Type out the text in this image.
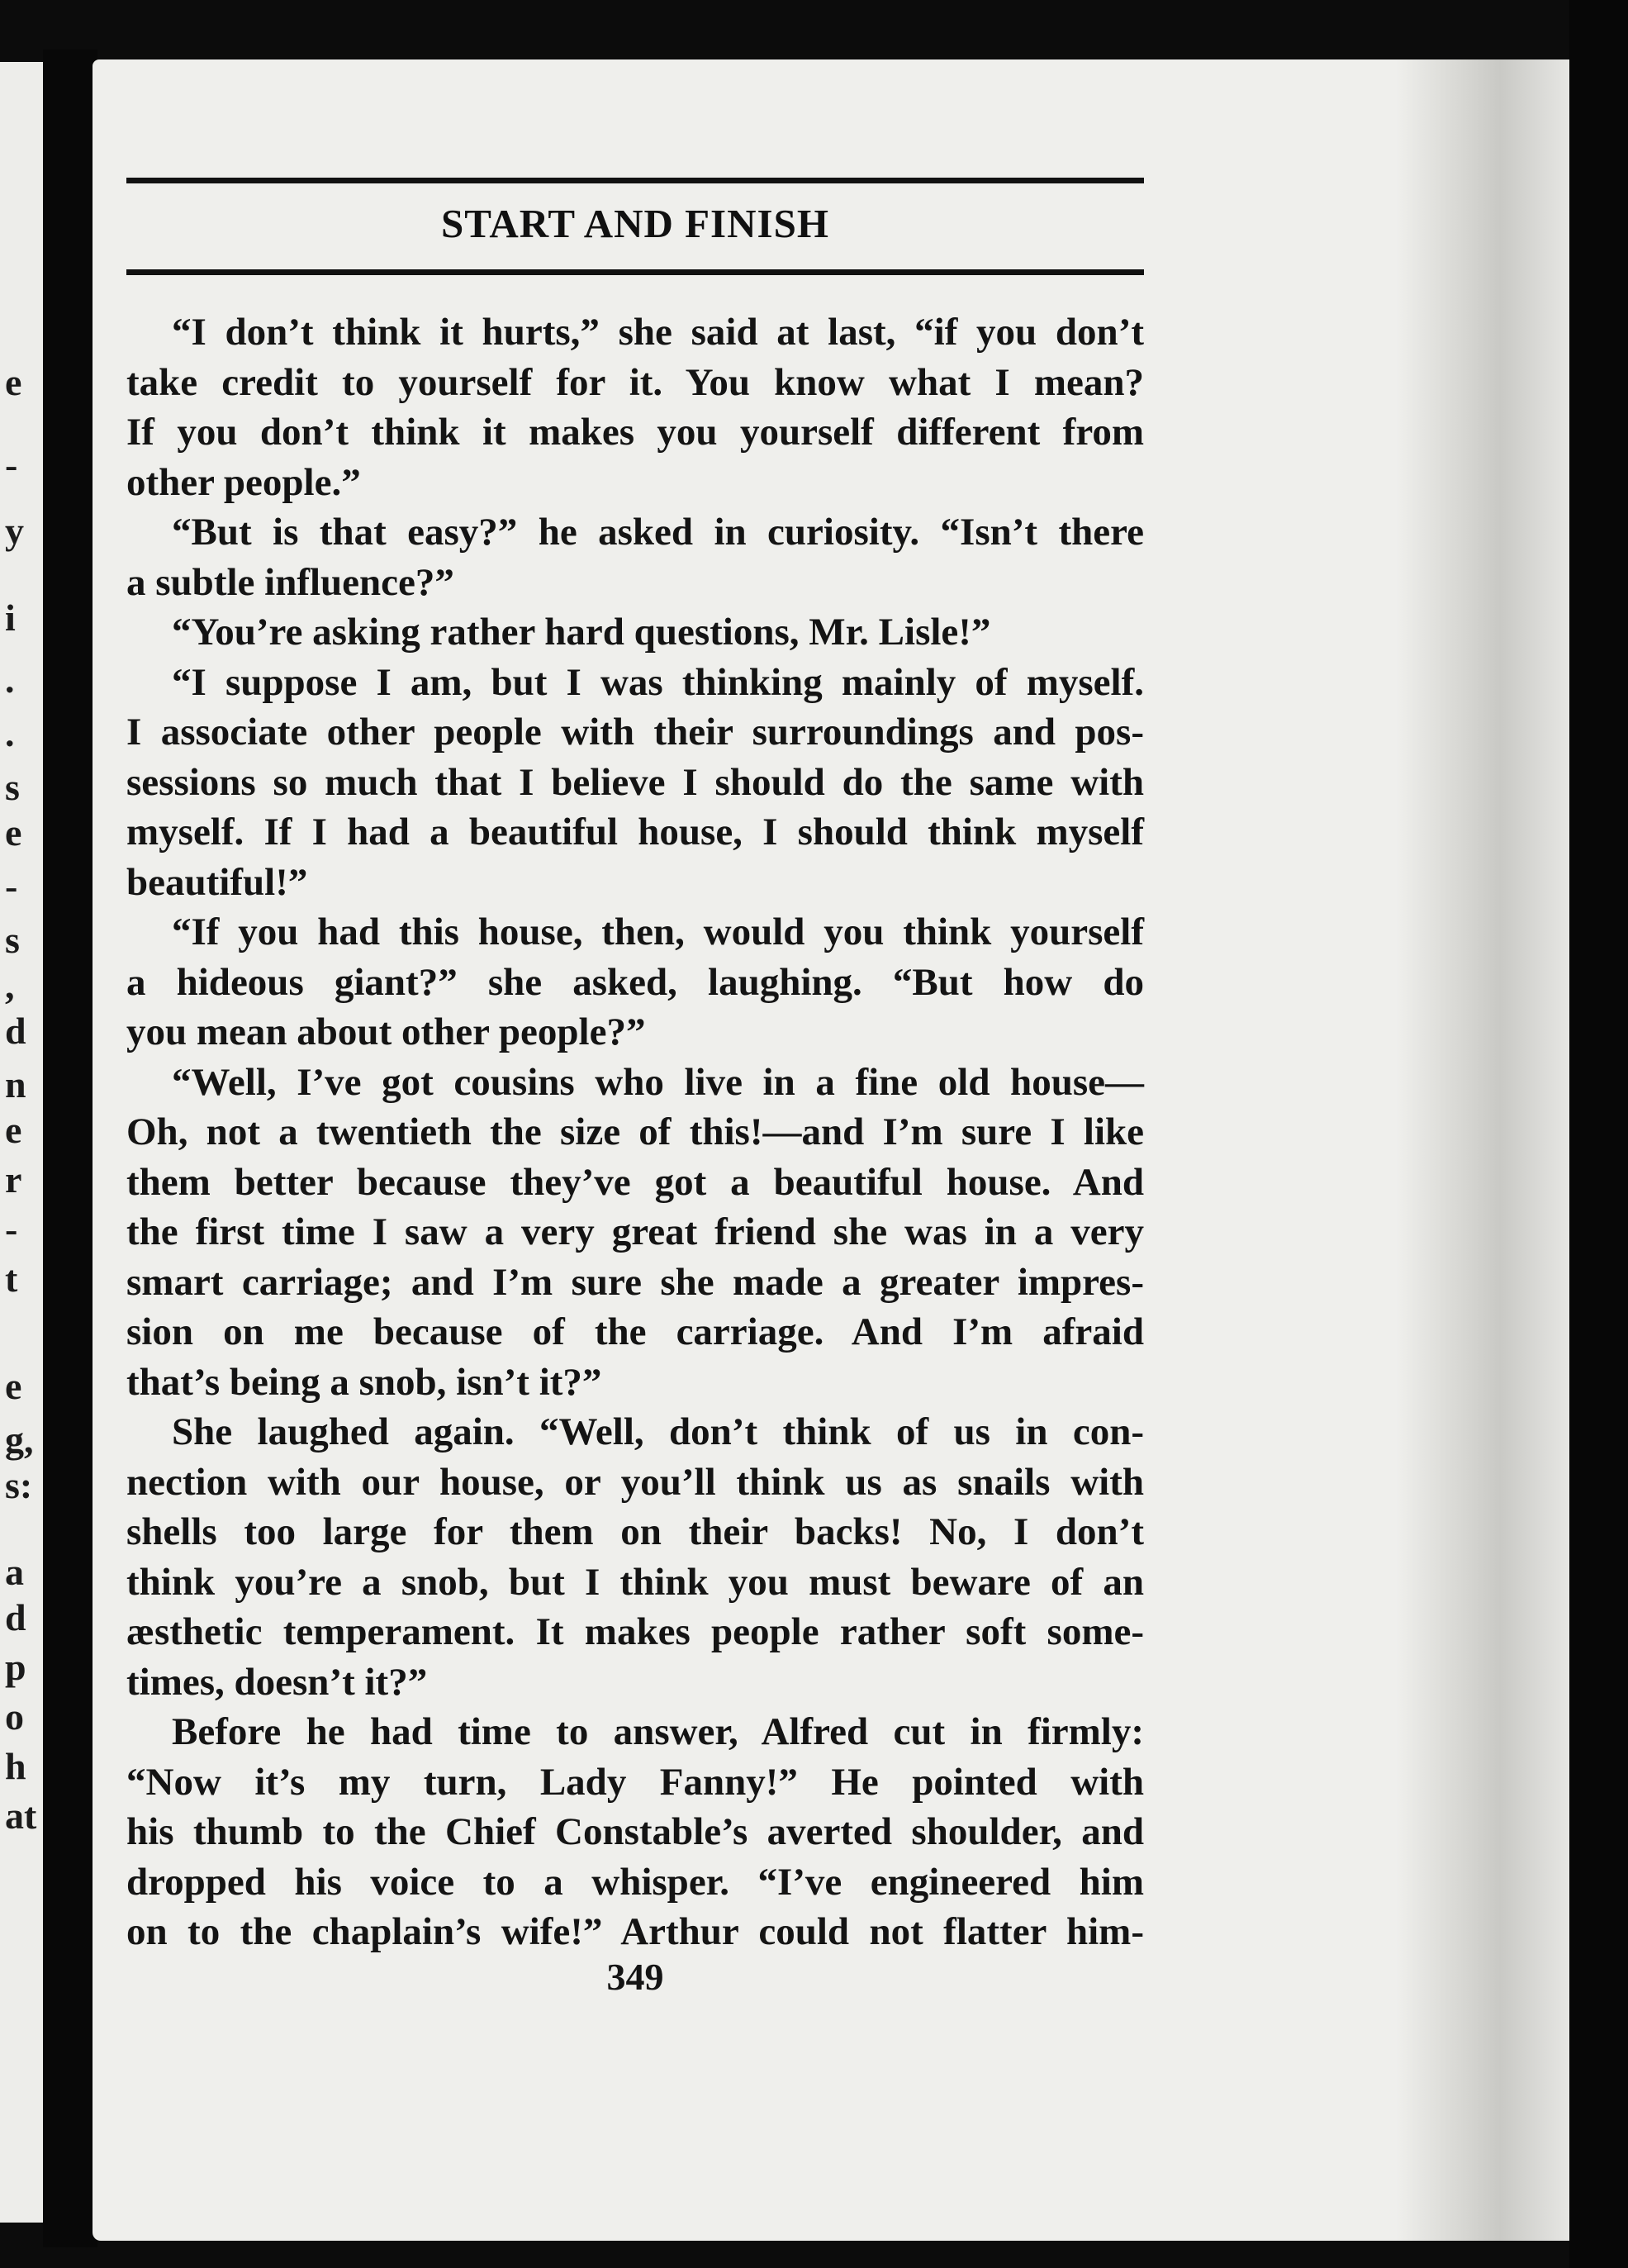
e
-
y
i
.
.
s
e
-
s
,
d
n
e
r
-
t
e
g,
s:
a
d
p
o
h
at
START AND FINISH
“I don’t think it hurts,” she said at last, “if you don’t
take credit to yourself for it. You know what I mean?
If you don’t think it makes you yourself different from
other people.”
“But is that easy?” he asked in curiosity. “Isn’t there
a subtle influence?”
“You’re asking rather hard questions, Mr. Lisle!”
“I suppose I am, but I was thinking mainly of myself.
I associate other people with their surroundings and pos-
sessions so much that I believe I should do the same with
myself. If I had a beautiful house, I should think myself
beautiful!”
“If you had this house, then, would you think yourself
a hideous giant?” she asked, laughing. “But how do
you mean about other people?”
“Well, I’ve got cousins who live in a fine old house—
Oh, not a twentieth the size of this!—and I’m sure I like
them better because they’ve got a beautiful house. And
the first time I saw a very great friend she was in a very
smart carriage; and I’m sure she made a greater impres-
sion on me because of the carriage. And I’m afraid
that’s being a snob, isn’t it?”
She laughed again. “Well, don’t think of us in con-
nection with our house, or you’ll think us as snails with
shells too large for them on their backs! No, I don’t
think you’re a snob, but I think you must beware of an
æsthetic temperament. It makes people rather soft some-
times, doesn’t it?”
Before he had time to answer, Alfred cut in firmly:
“Now it’s my turn, Lady Fanny!” He pointed with
his thumb to the Chief Constable’s averted shoulder, and
dropped his voice to a whisper. “I’ve engineered him
on to the chaplain’s wife!” Arthur could not flatter him-
349
